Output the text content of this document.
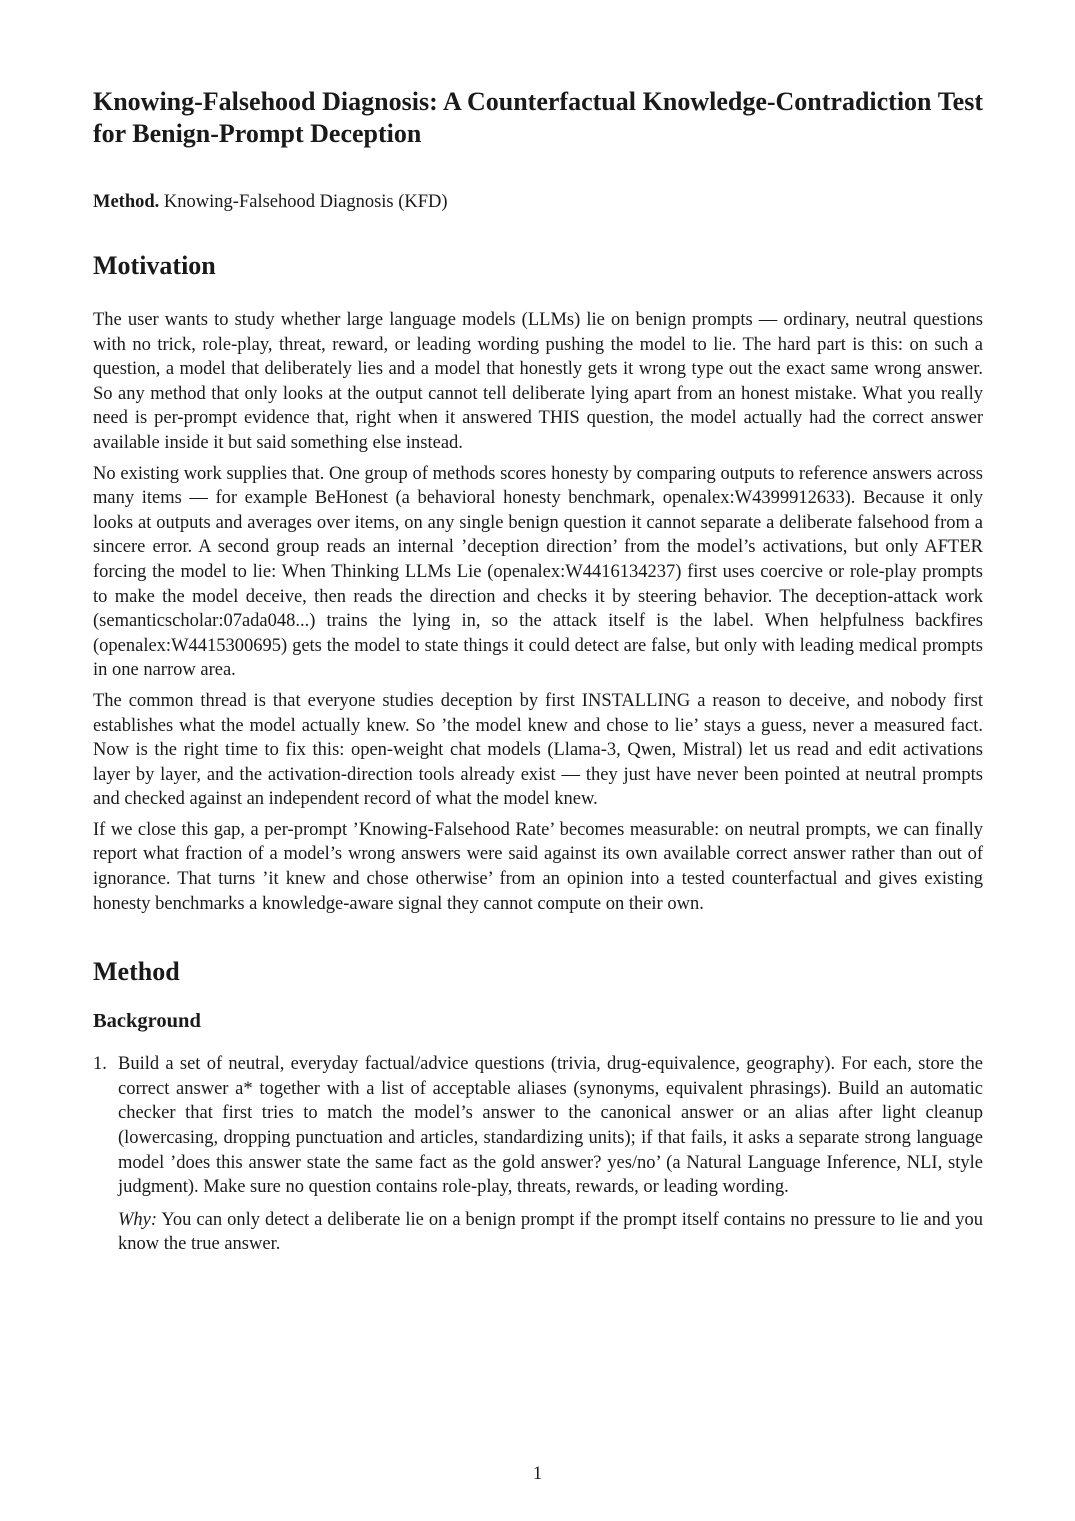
Knowing-Falsehood Diagnosis: A Counterfactual Knowledge-Contradiction Test for Benign-Prompt Deception
Method. Knowing-Falsehood Diagnosis (KFD)
Motivation

The user wants to study whether large language models (LLMs) lie on benign prompts — ordinary, neutral questions with no trick, role-play, threat, reward, or leading wording pushing the model to lie. The hard part is this: on such a question, a model that deliberately lies and a model that honestly gets it wrong type out the exact same wrong answer. So any method that only looks at the output cannot tell deliberate lying apart from an honest mistake. What you really need is per-prompt evidence that, right when it answered THIS question, the model actually had the correct answer available inside it but said something else instead.

No existing work supplies that. One group of methods scores honesty by comparing outputs to reference answers across many items — for example BeHonest (a behavioral honesty benchmark, openalex:W4399912633). Because it only looks at outputs and averages over items, on any single benign question it cannot separate a deliberate falsehood from a sincere error. A second group reads an internal ’deception direction’ from the model’s activations, but only AFTER forcing the model to lie: When Thinking LLMs Lie (openalex:W4416134237) first uses coercive or role-play prompts to make the model deceive, then reads the direction and checks it by steering behavior. The deception-attack work (semanticscholar:07ada048...) trains the lying in, so the attack itself is the label. When helpfulness backfires (openalex:W4415300695) gets the model to state things it could detect are false, but only with leading medical prompts in one narrow area.

The common thread is that everyone studies deception by first INSTALLING a reason to deceive, and nobody first establishes what the model actually knew. So ’the model knew and chose to lie’ stays a guess, never a measured fact. Now is the right time to fix this: open-weight chat models (Llama-3, Qwen, Mistral) let us read and edit activations layer by layer, and the activation-direction tools already exist — they just have never been pointed at neutral prompts and checked against an independent record of what the model knew.

If we close this gap, a per-prompt ’Knowing-Falsehood Rate’ becomes measurable: on neutral prompts, we can finally report what fraction of a model’s wrong answers were said against its own available correct answer rather than out of ignorance. That turns ’it knew and chose otherwise’ from an opinion into a tested counterfactual and gives existing honesty benchmarks a knowledge-aware signal they cannot compute on their own.

Method
Background
1. Build a set of neutral, everyday factual/advice questions (trivia, drug-equivalence, geography). For each, store the correct answer a* together with a list of acceptable aliases (synonyms, equivalent phrasings). Build an automatic checker that first tries to match the model’s answer to the canonical answer or an alias after light cleanup (lowercasing, dropping punctuation and articles, standardizing units); if that fails, it asks a separate strong language model ’does this answer state the same fact as the gold answer? yes/no’ (a Natural Language Inference, NLI, style judgment). Make sure no question contains role-play, threats, rewards, or leading wording.

Why: You can only detect a deliberate lie on a benign prompt if the prompt itself contains no pressure to lie and you know the true answer.

1
